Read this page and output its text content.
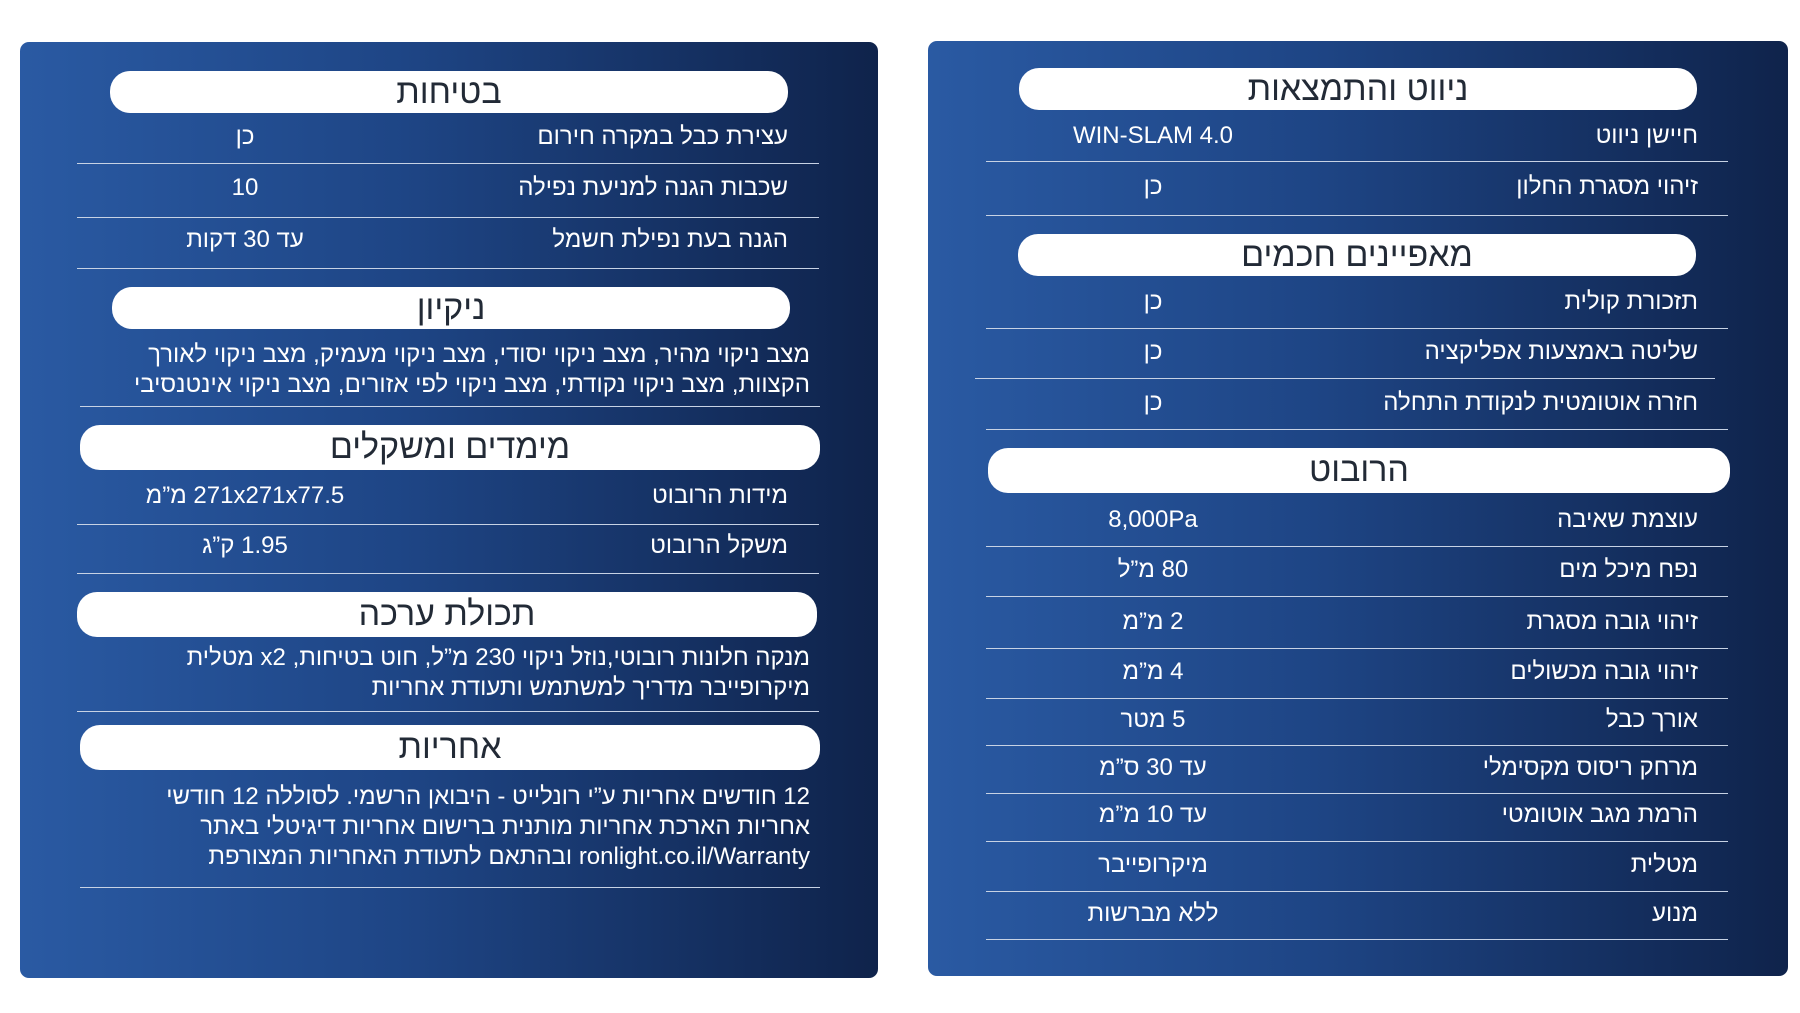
בטיחות
עצירת כבל במקרה חירום
כן
שכבות הגנה למניעת נפילה
10
הגנה בעת נפילת חשמל
עד 30 דקות
ניקיון
מצב ניקוי מהיר, מצב ניקוי יסודי, מצב ניקוי מעמיק, מצב ניקוי לאורך
הקצוות, מצב ניקוי נקודתי, מצב ניקוי לפי אזורים, מצב ניקוי אינטנסיבי
מימדים ומשקלים
מידות הרובוט
271x271x77.5 מ”מ
משקל הרובוט
1.95 ק”ג
תכולת ערכה
מנקה חלונות רובוטי,נוזל ניקוי 230 מ”ל, חוט בטיחות, x2 מטלית
מיקרופייבר מדריך למשתמש ותעודת אחריות
אחריות
12 חודשים אחריות ע”י רונלייט - היבואן הרשמי. לסוללה 12 חודשי
אחריות הארכת אחריות מותנית ברישום אחריות דיגיטלי באתר
ronlight.co.il/Warranty ובהתאם לתעודת האחריות המצורפת
ניווט והתמצאות
חיישן ניווט
WIN-SLAM 4.0
זיהוי מסגרת החלון
כן
מאפיינים חכמים
תזכורת קולית
כן
שליטה באמצעות אפליקציה
כן
חזרה אוטומטית לנקודת התחלה
כן
הרובוט
עוצמת שאיבה
8,000Pa
נפח מיכל מים
80 מ”ל
זיהוי גובה מסגרת
2 מ”מ
זיהוי גובה מכשולים
4 מ”מ
אורך כבל
5 מטר
מרחק ריסוס מקסימלי
עד 30 ס”מ
הרמת מגב אוטומטי
עד 10 מ”מ
מטלית
מיקרופייבר
מנוע
ללא מברשות
